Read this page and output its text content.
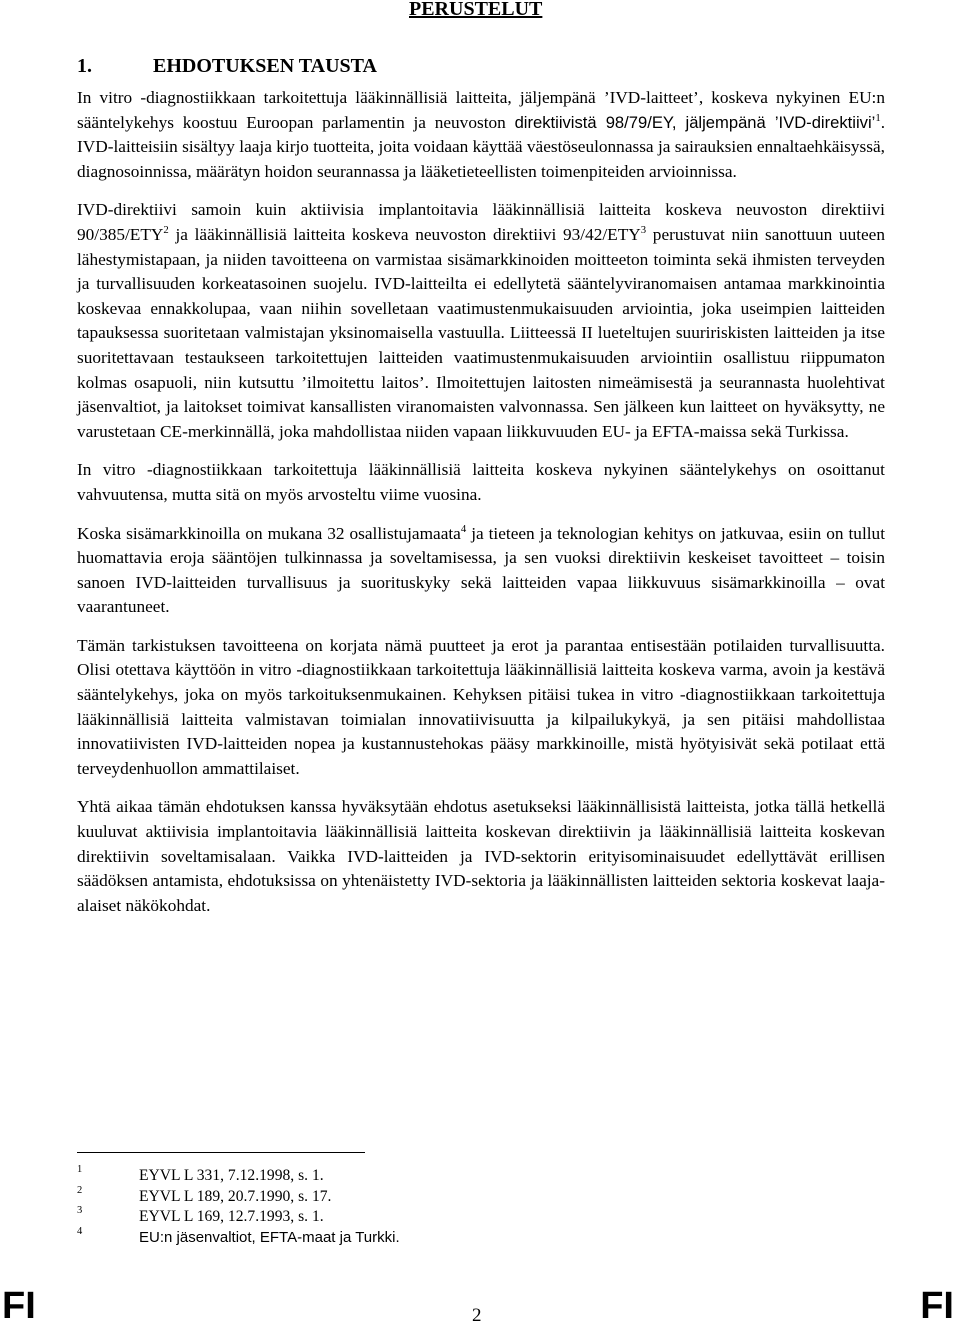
PERUSTELUT
1.	EHDOTUKSEN TAUSTA

In vitro -diagnostiikkaan tarkoitettuja lääkinnällisiä laitteita, jäljempänä ’IVD-laitteet’, koskeva nykyinen EU:n sääntelykehys koostuu Euroopan parlamentin ja neuvoston direktiivistä 98/79/EY, jäljempänä ’IVD-direktiivi’$^1$. IVD-laitteisiin sisältyy laaja kirjo tuotteita, joita voidaan käyttää väestöseulonnassa ja sairauksien ennaltaehkäisyssä, diagnosoinnissa, määrätyn hoidon seurannassa ja lääketieteellisten toimenpiteiden arvioinnissa.

IVD-direktiivi samoin kuin aktiivisia implantoitavia lääkinnällisiä laitteita koskeva neuvoston direktiivi 90/385/ETY$^2$ ja lääkinnällisiä laitteita koskeva neuvoston direktiivi 93/42/ETY$^3$ perustuvat niin sanottuun uuteen lähestymistapaan, ja niiden tavoitteena on varmistaa sisämarkkinoiden moitteeton toiminta sekä ihmisten terveyden ja turvallisuuden korkeatasoinen suojelu. IVD-laitteilta ei edellytetä sääntelyviranomaisen antamaa markkinointia koskevaa ennakkolupaa, vaan niihin sovelletaan vaatimustenmukaisuuden arviointia, joka useimpien laitteiden tapauksessa suoritetaan valmistajan yksinomaisella vastuulla. Liitteessä II lueteltujen suuririskisten laitteiden ja itse suoritettavaan testaukseen tarkoitettujen laitteiden vaatimustenmukaisuuden arviointiin osallistuu riippumaton kolmas osapuoli, niin kutsuttu ’ilmoitettu laitos’. Ilmoitettujen laitosten nimeämisestä ja seurannasta huolehtivat jäsenvaltiot, ja laitokset toimivat kansallisten viranomaisten valvonnassa. Sen jälkeen kun laitteet on hyväksytty, ne varustetaan CE-merkinnällä, joka mahdollistaa niiden vapaan liikkuvuuden EU- ja EFTA-maissa sekä Turkissa.

In vitro -diagnostiikkaan tarkoitettuja lääkinnällisiä laitteita koskeva nykyinen sääntelykehys on osoittanut vahvuutensa, mutta sitä on myös arvosteltu viime vuosina.

Koska sisämarkkinoilla on mukana 32 osallistujamaata$^4$ ja tieteen ja teknologian kehitys on jatkuvaa, esiin on tullut huomattavia eroja sääntöjen tulkinnassa ja soveltamisessa, ja sen vuoksi direktiivin keskeiset tavoitteet – toisin sanoen IVD-laitteiden turvallisuus ja suorituskyky sekä laitteiden vapaa liikkuvuus sisämarkkinoilla – ovat vaarantuneet.

Tämän tarkistuksen tavoitteena on korjata nämä puutteet ja erot ja parantaa entisestään potilaiden turvallisuutta. Olisi otettava käyttöön in vitro -diagnostiikkaan tarkoitettuja lääkinnällisiä laitteita koskeva varma, avoin ja kestävä sääntelykehys, joka on myös tarkoituksenmukainen. Kehyksen pitäisi tukea in vitro -diagnostiikkaan tarkoitettuja lääkinnällisiä laitteita valmistavan toimialan innovatiivisuutta ja kilpailukykyä, ja sen pitäisi mahdollistaa innovatiivisten IVD-laitteiden nopea ja kustannustehokas pääsy markkinoille, mistä hyötyisivät sekä potilaat että terveydenhuollon ammattilaiset.

Yhtä aikaa tämän ehdotuksen kanssa hyväksytään ehdotus asetukseksi lääkinnällisistä laitteista, jotka tällä hetkellä kuuluvat aktiivisia implantoitavia lääkinnällisiä laitteita koskevan direktiivin ja lääkinnällisiä laitteita koskevan direktiivin soveltamisalaan. Vaikka IVD-laitteiden ja IVD-sektorin erityisominaisuudet edellyttävät erillisen säädöksen antamista, ehdotuksissa on yhtenäistetty IVD-sektoria ja lääkinnällisten laitteiden sektoria koskevat laaja-alaiset näkökohdat.

1	EYVL L 331, 7.12.1998, s. 1.
2	EYVL L 189, 20.7.1990, s. 17.
3	EYVL L 169, 12.7.1993, s. 1.
4	EU:n jäsenvaltiot, EFTA-maat ja Turkki.
FI	2	FI
